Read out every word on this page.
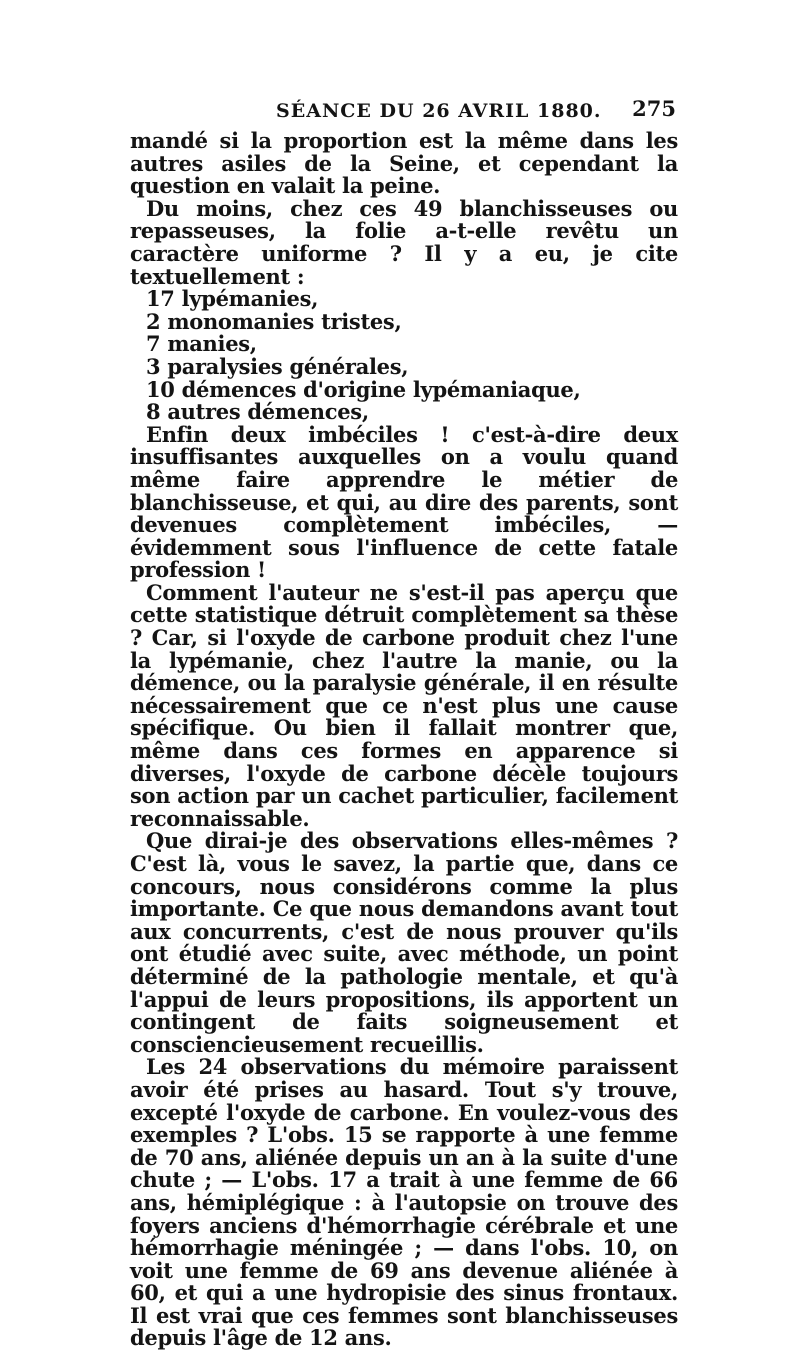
SÉANCE DU 26 AVRIL 1880. 275

mandé si la proportion est la même dans les autres asiles de la Seine, et cependant la question en valait la peine.

Du moins, chez ces 49 blanchisseuses ou repasseuses, la folie a-t-elle revêtu un caractère uniforme ? Il y a eu, je cite textuellement :

17 lypémanies,
2 monomanies tristes,
7 manies,
3 paralysies générales,
10 démences d'origine lypémaniaque,
8 autres démences,

Enfin deux imbéciles ! c'est-à-dire deux insuffisantes auxquelles on a voulu quand même faire apprendre le métier de blanchisseuse, et qui, au dire des parents, sont devenues complètement imbéciles, — évidemment sous l'influence de cette fatale profession !

Comment l'auteur ne s'est-il pas aperçu que cette statistique détruit complètement sa thèse ? Car, si l'oxyde de carbone produit chez l'une la lypémanie, chez l'autre la manie, ou la démence, ou la paralysie générale, il en résulte nécessairement que ce n'est plus une cause spécifique. Ou bien il fallait montrer que, même dans ces formes en apparence si diverses, l'oxyde de carbone décèle toujours son action par un cachet particulier, facilement reconnaissable.

Que dirai-je des observations elles-mêmes ? C'est là, vous le savez, la partie que, dans ce concours, nous considérons comme la plus importante. Ce que nous demandons avant tout aux concurrents, c'est de nous prouver qu'ils ont étudié avec suite, avec méthode, un point déterminé de la pathologie mentale, et qu'à l'appui de leurs propositions, ils apportent un contingent de faits soigneusement et consciencieusement recueillis.

Les 24 observations du mémoire paraissent avoir été prises au hasard. Tout s'y trouve, excepté l'oxyde de carbone. En voulez-vous des exemples ? L'obs. 15 se rapporte à une femme de 70 ans, aliénée depuis un an à la suite d'une chute ; — L'obs. 17 a trait à une femme de 66 ans, hémiplégique : à l'autopsie on trouve des foyers anciens d'hémorrhagie cérébrale et une hémorrhagie méningée ; — dans l'obs. 10, on voit une femme de 69 ans devenue aliénée à 60, et qui a une hydropisie des sinus frontaux. Il est vrai que ces femmes sont blanchisseuses depuis l'âge de 12 ans.
